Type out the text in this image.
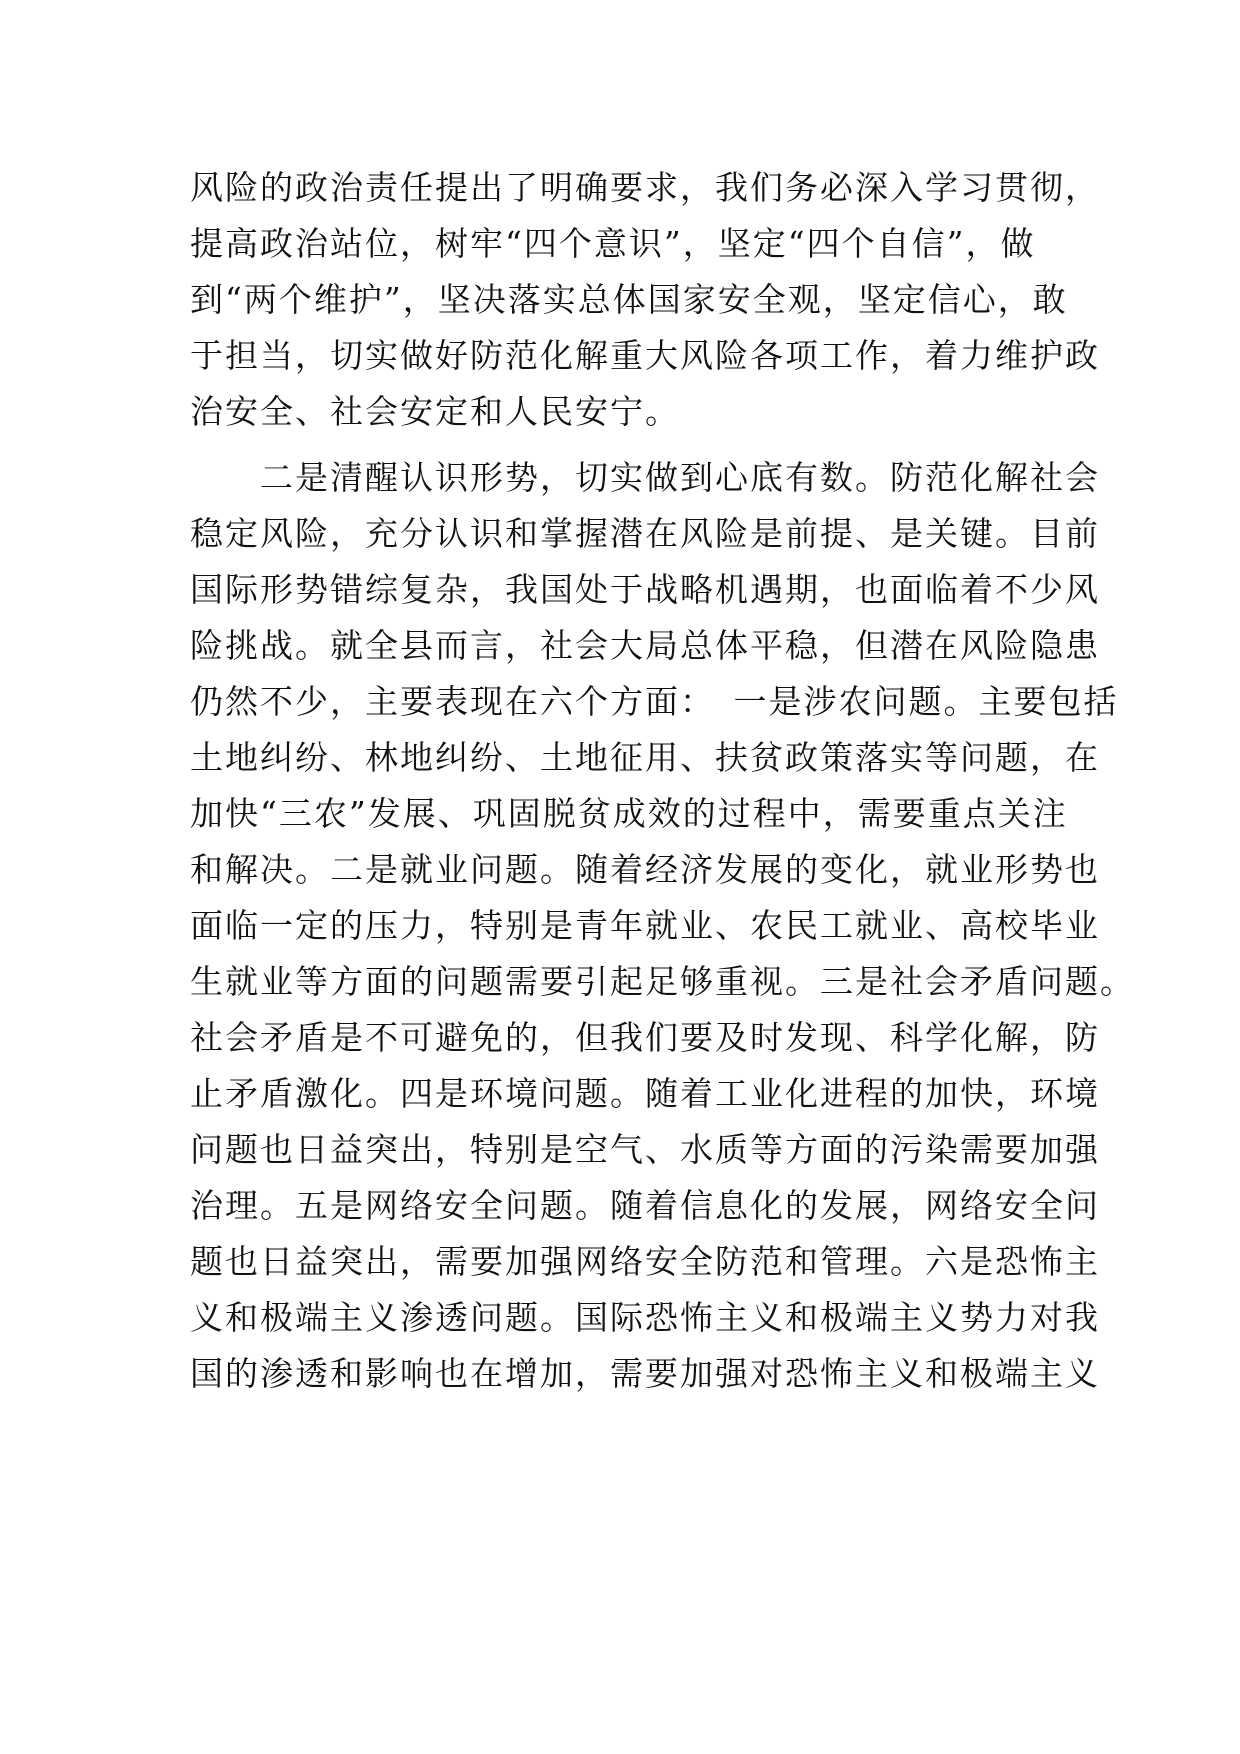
风险的政治责任提出了明确要求，我们务必深入学习贯彻，
提高政治站位，树牢“四个意识”，坚定“四个自信”，做
到“两个维护”，坚决落实总体国家安全观，坚定信心，敢
于担当，切实做好防范化解重大风险各项工作，着力维护政
治安全、社会安定和人民安宁。
　　二是清醒认识形势，切实做到心底有数。防范化解社会
稳定风险，充分认识和掌握潜在风险是前提、是关键。目前
国际形势错综复杂，我国处于战略机遇期，也面临着不少风
险挑战。就全县而言，社会大局总体平稳，但潜在风险隐患
仍然不少，主要表现在六个方面：　一是涉农问题。主要包括
土地纠纷、林地纠纷、土地征用、扶贫政策落实等问题，在
加快“三农”发展、巩固脱贫成效的过程中，需要重点关注
和解决。二是就业问题。随着经济发展的变化，就业形势也
面临一定的压力，特别是青年就业、农民工就业、高校毕业
生就业等方面的问题需要引起足够重视。三是社会矛盾问题。
社会矛盾是不可避免的，但我们要及时发现、科学化解，防
止矛盾激化。四是环境问题。随着工业化进程的加快，环境
问题也日益突出，特别是空气、水质等方面的污染需要加强
治理。五是网络安全问题。随着信息化的发展，网络安全问
题也日益突出，需要加强网络安全防范和管理。六是恐怖主
义和极端主义渗透问题。国际恐怖主义和极端主义势力对我
国的渗透和影响也在增加，需要加强对恐怖主义和极端主义
